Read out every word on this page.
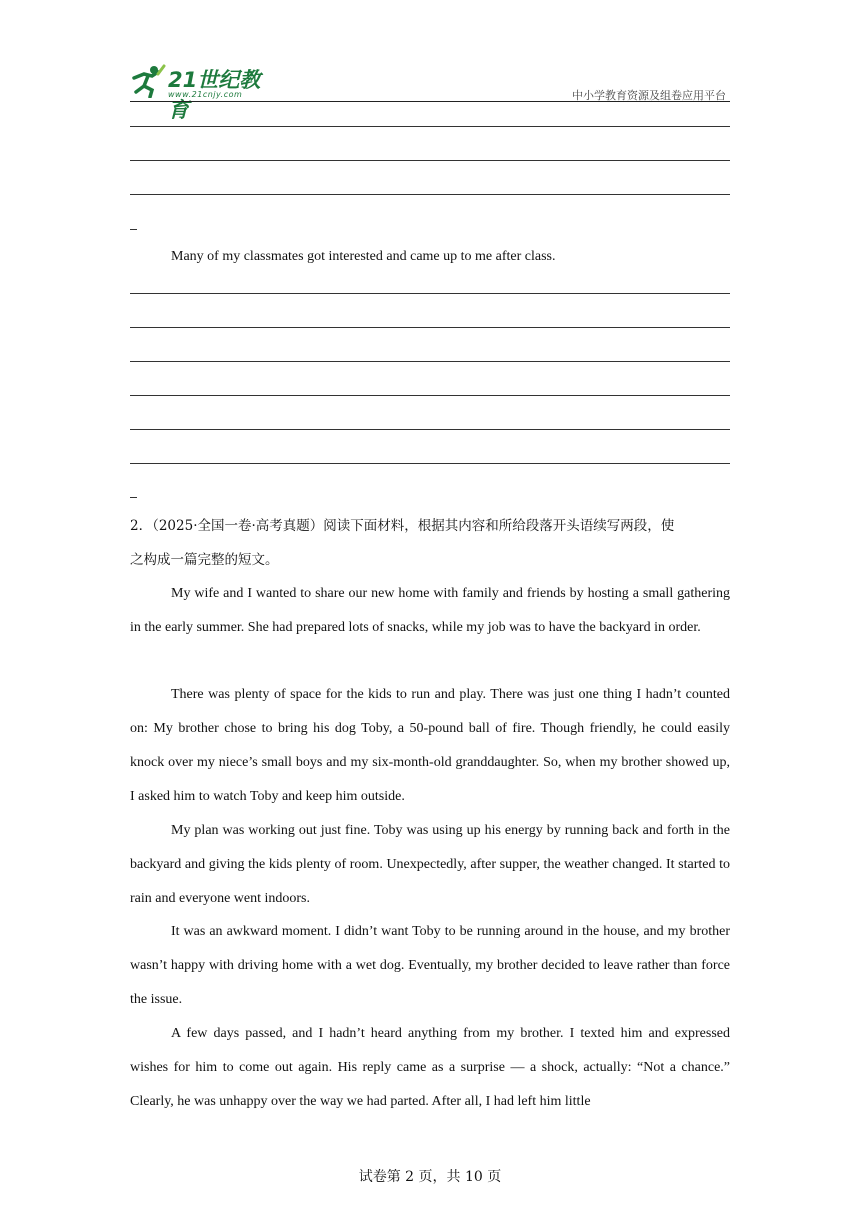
21世纪教育
www.21cnjy.com	中小学教育资源及组卷应用平台
Many of my classmates got interested and came up to me after class.
2．（2025·全国一卷·高考真题）阅读下面材料，根据其内容和所给段落开头语续写两段，使
之构成一篇完整的短文。

My wife and I wanted to share our new home with family and friends by hosting a small gathering in the early summer. She had prepared lots of snacks, while my job was to have the backyard in order.

There was plenty of space for the kids to run and play. There was just one thing I hadn’t counted on: My brother chose to bring his dog Toby, a 50-pound ball of fire. Though friendly, he could easily knock over my niece’s small boys and my six-month-old granddaughter. So, when my brother showed up, I asked him to watch Toby and keep him outside.

My plan was working out just fine. Toby was using up his energy by running back and forth in the backyard and giving the kids plenty of room. Unexpectedly, after supper, the weather changed. It started to rain and everyone went indoors.

It was an awkward moment. I didn’t want Toby to be running around in the house, and my brother wasn’t happy with driving home with a wet dog. Eventually, my brother decided to leave rather than force the issue.

A few days passed, and I hadn’t heard anything from my brother. I texted him and expressed wishes for him to come out again. His reply came as a surprise — a shock, actually: “Not a chance.” Clearly, he was unhappy over the way we had parted. After all, I had left him little

试卷第 2 页，共 10 页
